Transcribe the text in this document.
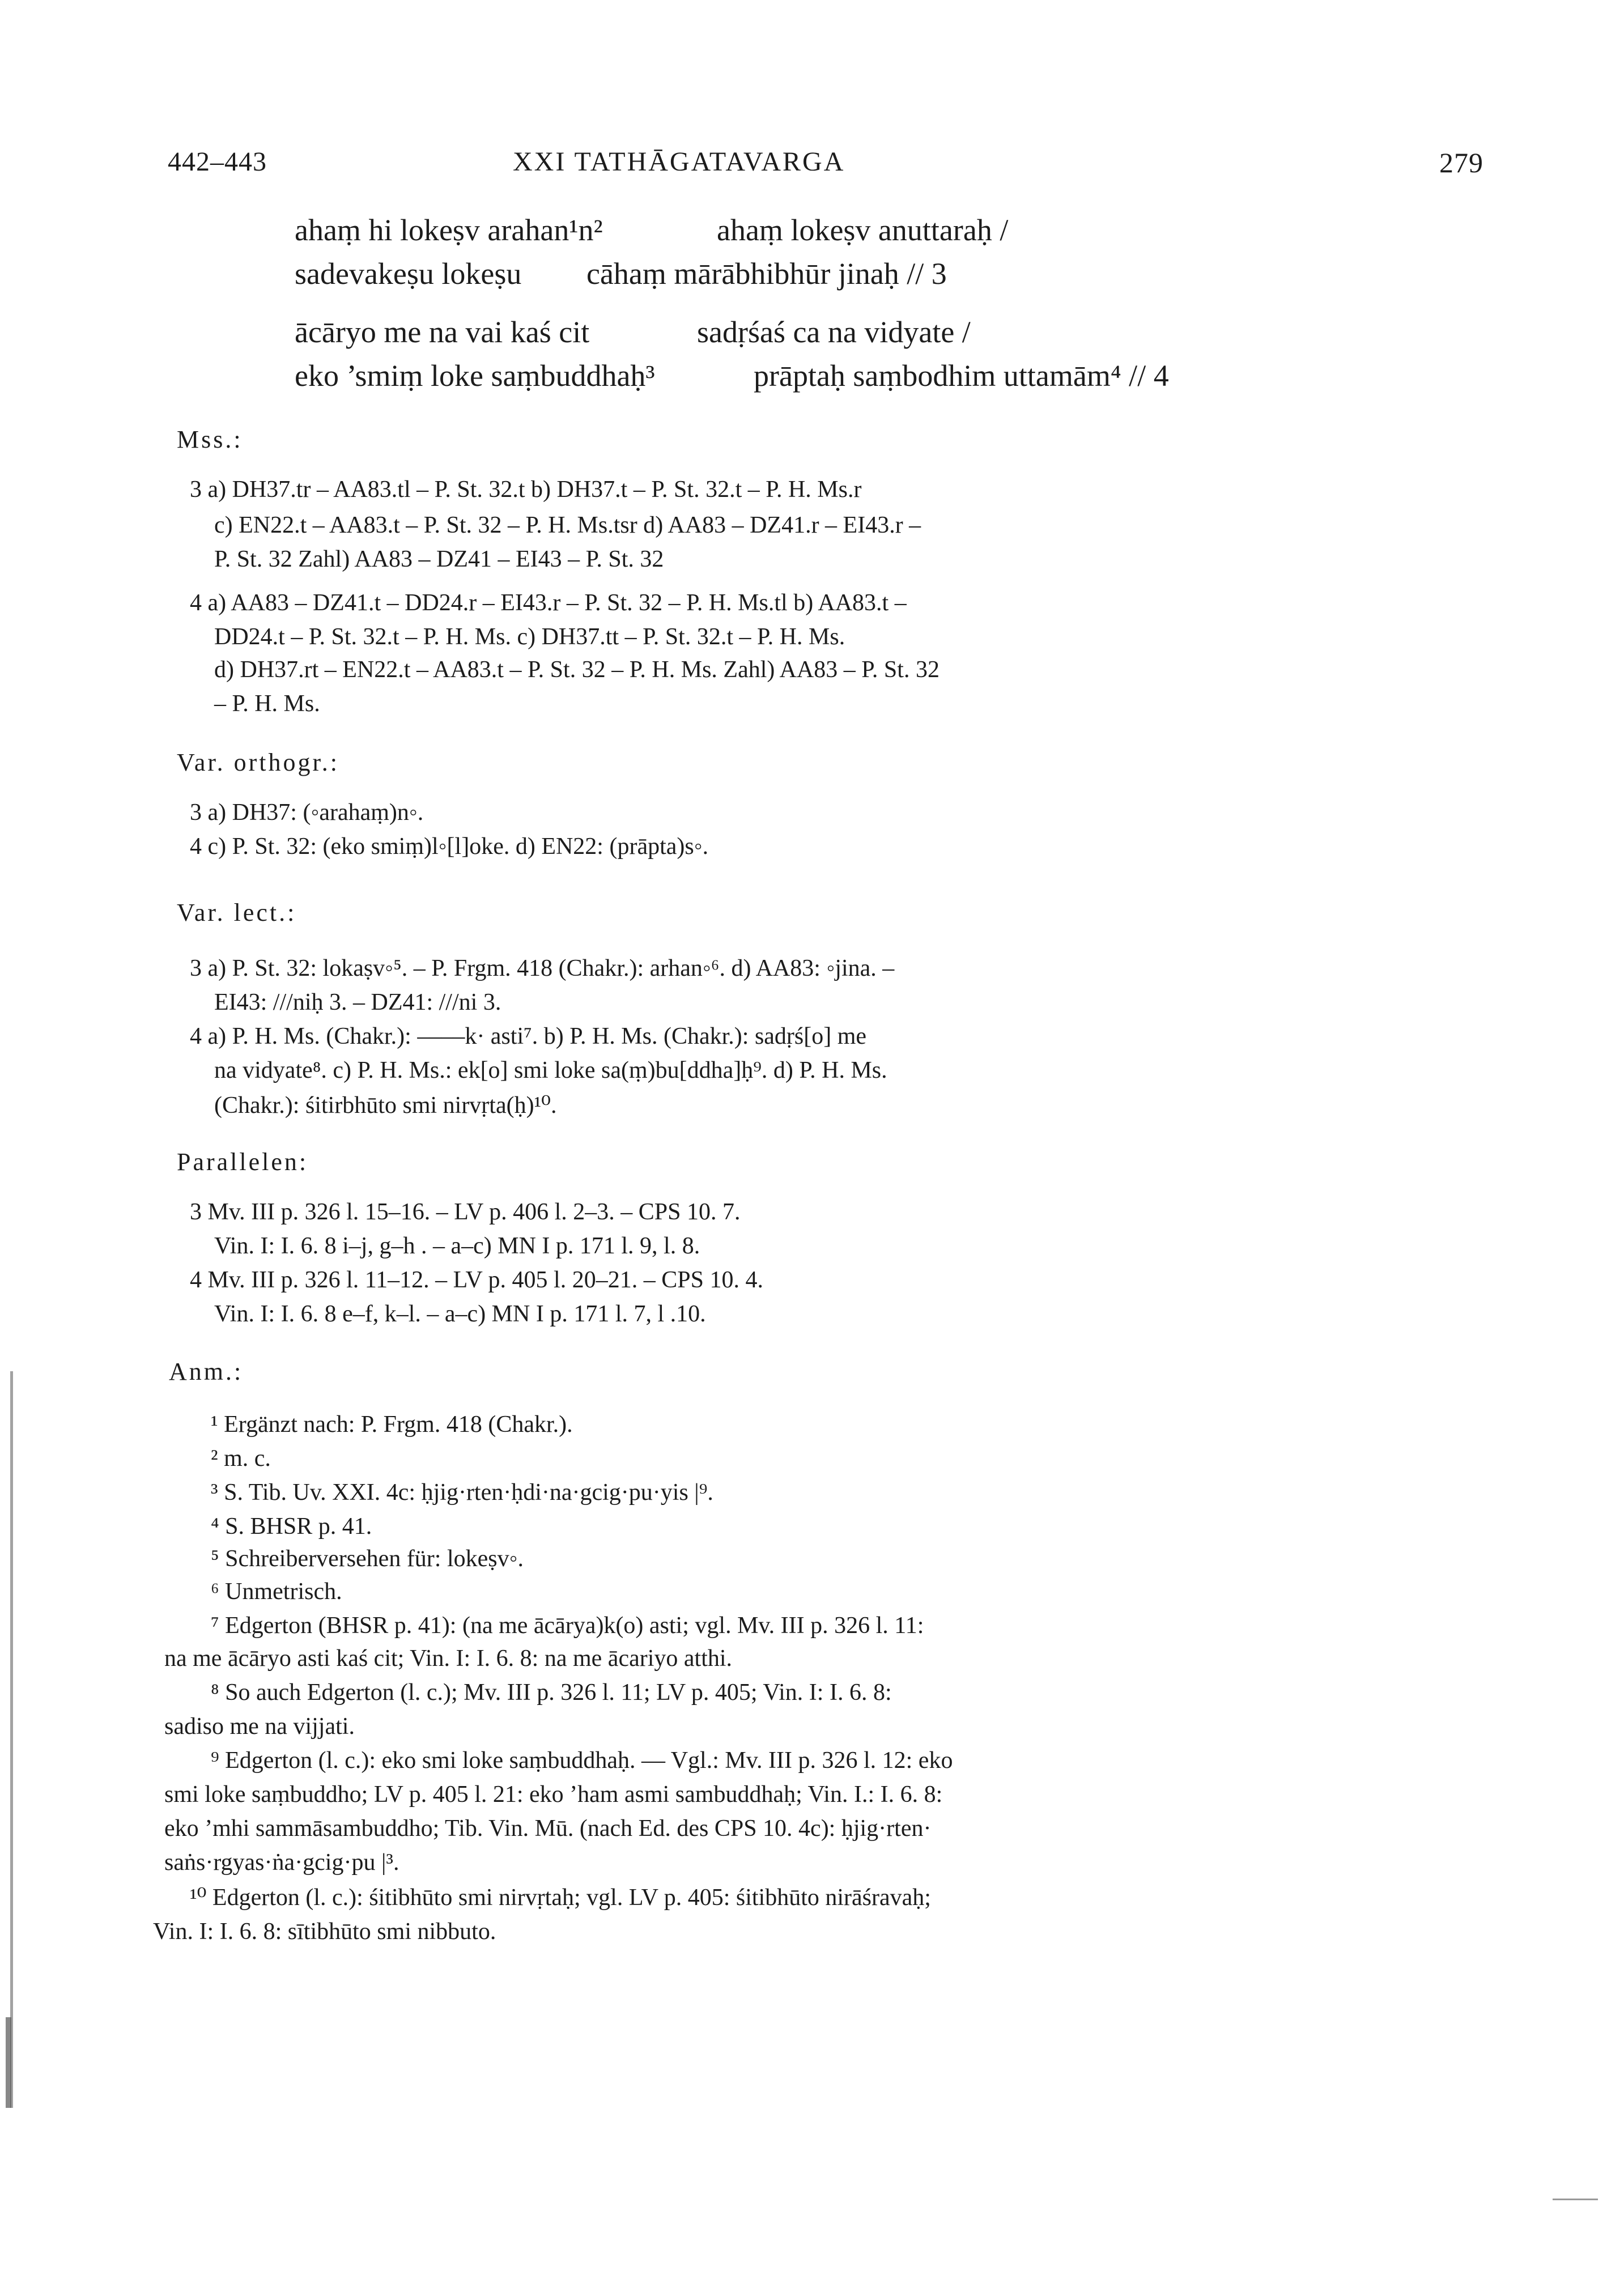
442–443	XXI TATHĀGATAVARGA	279
ahaṃ hi lokeṣv arahan¹n²	ahaṃ lokeṣv anuttaraḥ /
sadevakeṣu lokeṣu cāhaṃ mārābhibhūr jinaḥ // 3
ācāryo me na vai kaś cit	sadṛśaś ca na vidyate /
eko ’smiṃ loke saṃbuddhaḥ³	prāptaḥ saṃbodhim uttamām⁴ // 4
Mss.:
3 a) DH37.tr – AA83.tl – P. St. 32.t b) DH37.t – P. St. 32.t – P. H. Ms.r
c) EN22.t – AA83.t – P. St. 32 – P. H. Ms.tsr d) AA83 – DZ41.r – EI43.r –
P. St. 32 Zahl) AA83 – DZ41 – EI43 – P. St. 32
4 a) AA83 – DZ41.t – DD24.r – EI43.r – P. St. 32 – P. H. Ms.tl b) AA83.t –
DD24.t – P. St. 32.t – P. H. Ms. c) DH37.tt – P. St. 32.t – P. H. Ms.
d) DH37.rt – EN22.t – AA83.t – P. St. 32 – P. H. Ms. Zahl) AA83 – P. St. 32
– P. H. Ms.
Var. orthogr.:
3 a) DH37: (◦arahaṃ)n◦.
4 c) P. St. 32: (eko smiṃ)l◦[l]oke. d) EN22: (prāpta)s◦.
Var. lect.:
3 a) P. St. 32: lokaṣv◦⁵. – P. Frgm. 418 (Chakr.): arhan◦⁶. d) AA83: ◦jina. –
EI43: ///niḥ 3. – DZ41: ///ni 3.
4 a) P. H. Ms. (Chakr.): ––––k· asti⁷. b) P. H. Ms. (Chakr.): sadṛś[o] me
na vidyate⁸. c) P. H. Ms.: ek[o] smi loke sa(ṃ)bu[ddha]ḥ⁹. d) P. H. Ms.
(Chakr.): śitirbhūto smi nirvṛta(ḥ)¹⁰.
Parallelen:
3 Mv. III p. 326 l. 15–16. – LV p. 406 l. 2–3. – CPS 10. 7.
Vin. I: I. 6. 8 i–j, g–h . – a–c) MN I p. 171 l. 9, l. 8.
4 Mv. III p. 326 l. 11–12. – LV p. 405 l. 20–21. – CPS 10. 4.
Vin. I: I. 6. 8 e–f, k–l. – a–c) MN I p. 171 l. 7, l .10.
Anm.:
¹ Ergänzt nach: P. Frgm. 418 (Chakr.).
² m. c.
³ S. Tib. Uv. XXI. 4c: ḥjig·rten·ḥdi·na·gcig·pu·yis |⁹.
⁴ S. BHSR p. 41.
⁵ Schreiberversehen für: lokeṣv◦.
⁶ Unmetrisch.
⁷ Edgerton (BHSR p. 41): (na me ācārya)k(o) asti; vgl. Mv. III p. 326 l. 11:
na me ācāryo asti kaś cit; Vin. I: I. 6. 8: na me ācariyo atthi.
⁸ So auch Edgerton (l. c.); Mv. III p. 326 l. 11; LV p. 405; Vin. I: I. 6. 8:
sadiso me na vijjati.
⁹ Edgerton (l. c.): eko smi loke saṃbuddhaḥ. — Vgl.: Mv. III p. 326 l. 12: eko
smi loke saṃbuddho; LV p. 405 l. 21: eko ’ham asmi sambuddhaḥ; Vin. I.: I. 6. 8:
eko ’mhi sammāsambuddho; Tib. Vin. Mū. (nach Ed. des CPS 10. 4c): ḥjig·rten·
saṅs·rgyas·ṅa·gcig·pu |³.
¹⁰ Edgerton (l. c.): śitibhūto smi nirvṛtaḥ; vgl. LV p. 405: śitibhūto nirāśravaḥ;
Vin. I: I. 6. 8: sītibhūto smi nibbuto.
